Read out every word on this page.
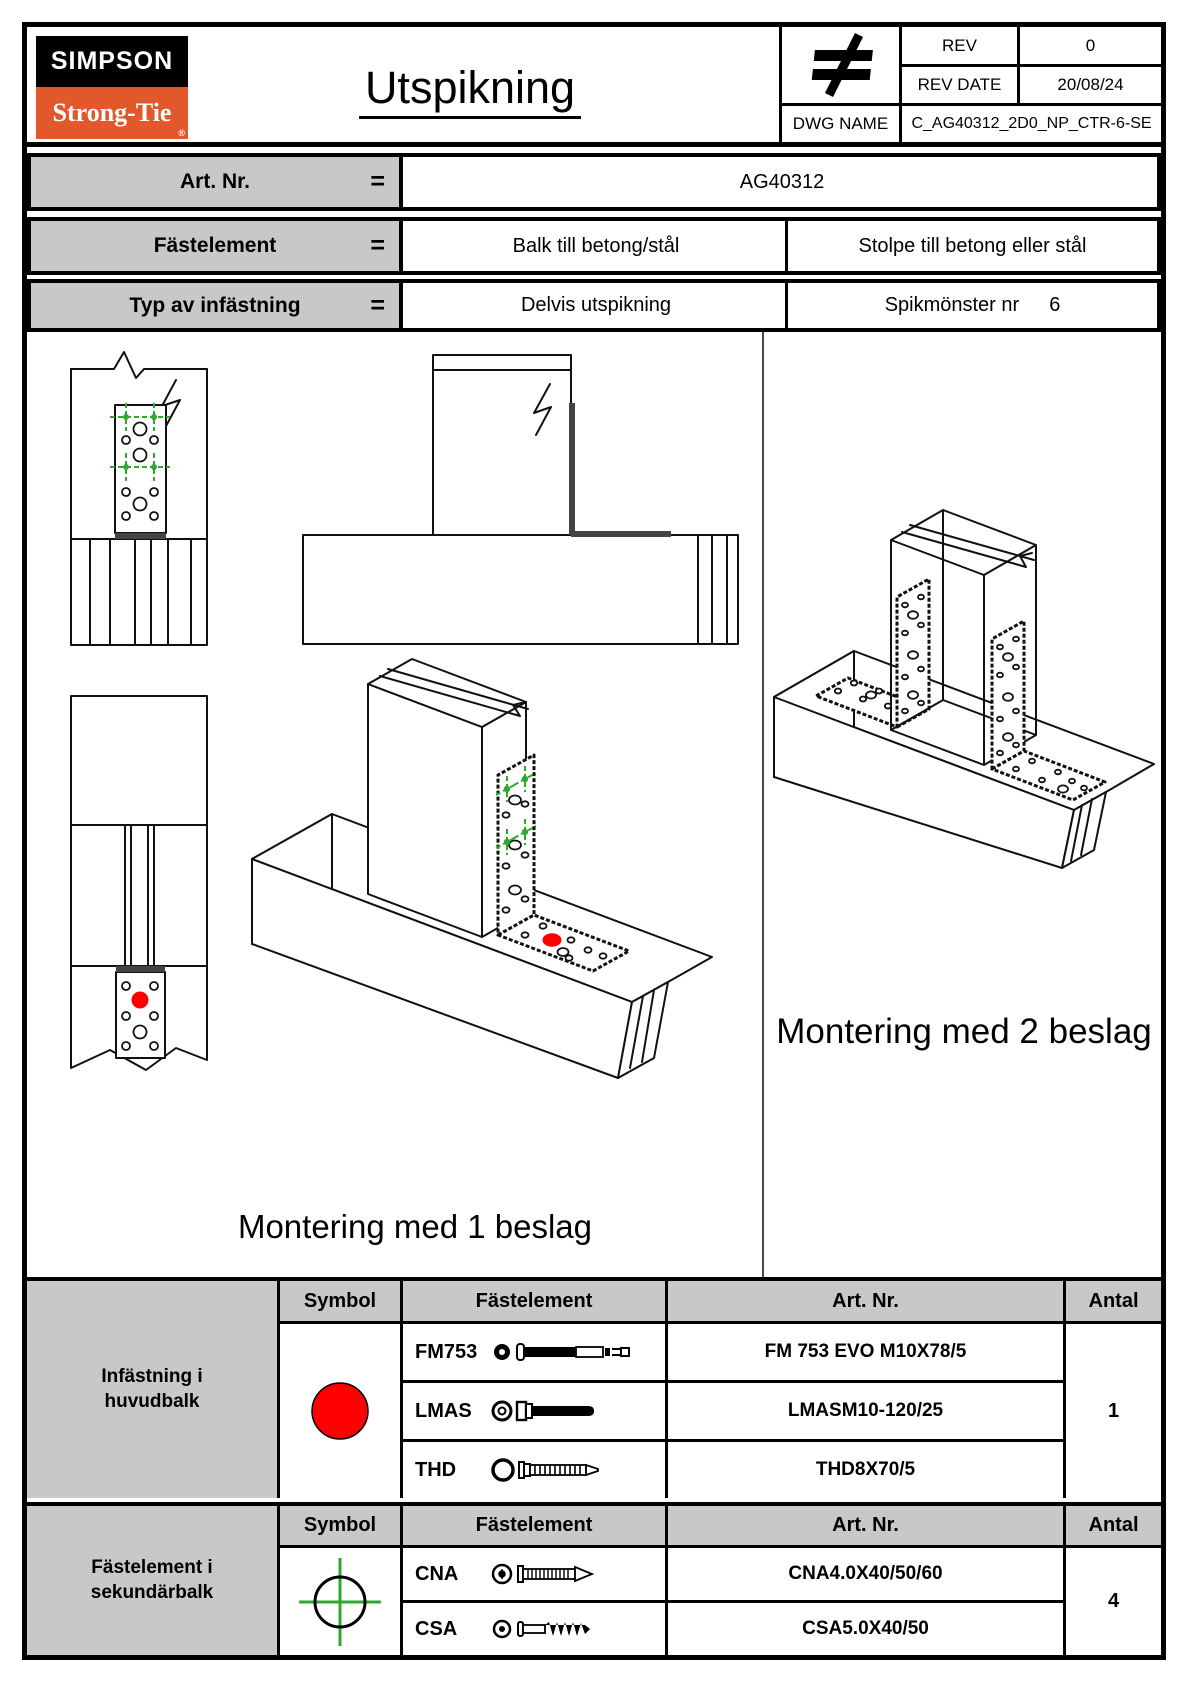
SIMPSON
Strong-Tie
®
Utspikning
REV	0
REV DATE	20/08/24
DWG NAME	C_AG40312_2D0_NP_CTR-6-SE
Art. Nr.	=	AG40312
Fästelement	=	Balk till betong/stål	Stolpe till betong eller stål
Typ av infästning	=	Delvis utspikning	Spikmönster nr 6
Montering med 1 beslag
Montering med 2 beslag
Infästning i huvudbalk
Symbol	Fästelement	Art. Nr.	Antal
FM753	FM 753 EVO M10X78/5
LMAS	LMASM10-120/25
THD	THD8X70/5
1
Fästelement i sekundärbalk
Symbol	Fästelement	Art. Nr.	Antal
CNA	CNA4.0X40/50/60
CSA	CSA5.0X40/50
4
